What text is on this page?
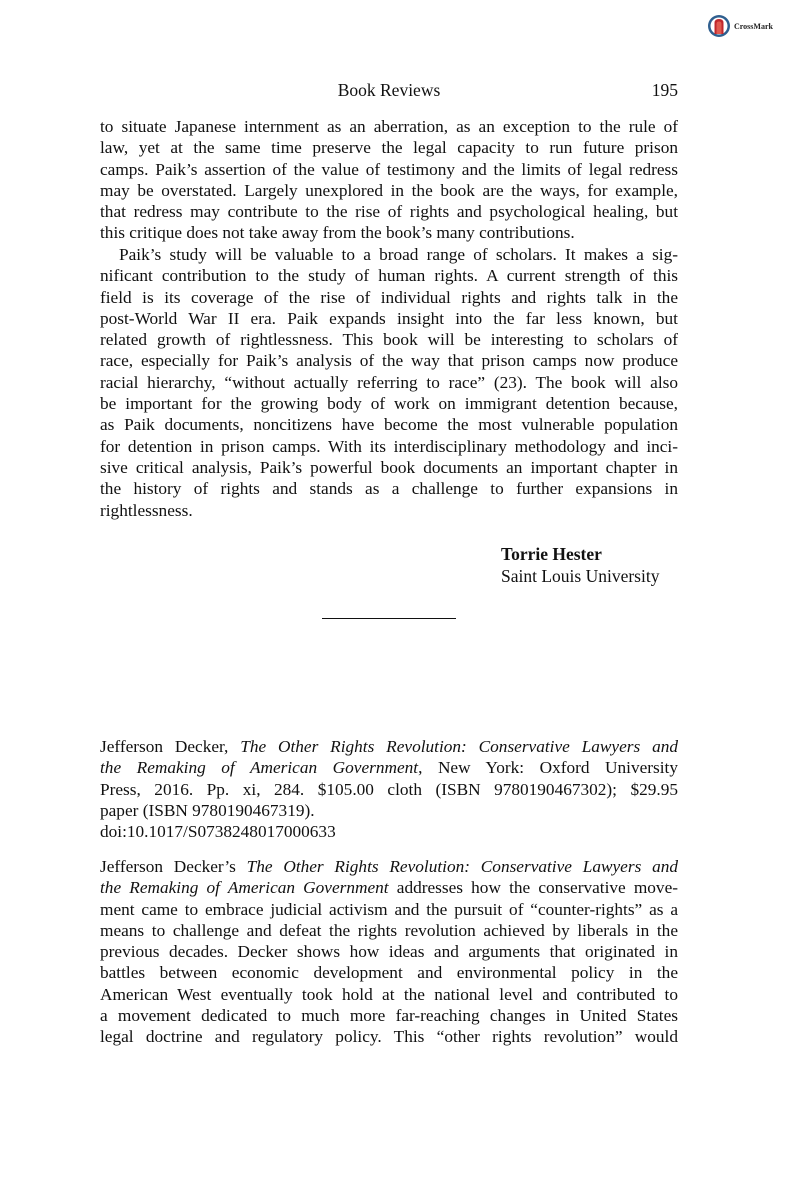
CrossMark
Book Reviews	195
to situate Japanese internment as an aberration, as an exception to the rule of
law, yet at the same time preserve the legal capacity to run future prison
camps. Paik’s assertion of the value of testimony and the limits of legal redress
may be overstated. Largely unexplored in the book are the ways, for example,
that redress may contribute to the rise of rights and psychological healing, but
this critique does not take away from the book’s many contributions.
Paik’s study will be valuable to a broad range of scholars. It makes a sig-
nificant contribution to the study of human rights. A current strength of this
field is its coverage of the rise of individual rights and rights talk in the
post-World War II era. Paik expands insight into the far less known, but
related growth of rightlessness. This book will be interesting to scholars of
race, especially for Paik’s analysis of the way that prison camps now produce
racial hierarchy, “without actually referring to race” (23). The book will also
be important for the growing body of work on immigrant detention because,
as Paik documents, noncitizens have become the most vulnerable population
for detention in prison camps. With its interdisciplinary methodology and inci-
sive critical analysis, Paik’s powerful book documents an important chapter in
the history of rights and stands as a challenge to further expansions in
rightlessness.
Torrie Hester
Saint Louis University
Jefferson Decker, The Other Rights Revolution: Conservative Lawyers and
the Remaking of American Government, New York: Oxford University
Press, 2016. Pp. xi, 284. $105.00 cloth (ISBN 9780190467302); $29.95
paper (ISBN 9780190467319).
doi:10.1017/S0738248017000633
Jefferson Decker’s The Other Rights Revolution: Conservative Lawyers and
the Remaking of American Government addresses how the conservative move-
ment came to embrace judicial activism and the pursuit of “counter-rights” as a
means to challenge and defeat the rights revolution achieved by liberals in the
previous decades. Decker shows how ideas and arguments that originated in
battles between economic development and environmental policy in the
American West eventually took hold at the national level and contributed to
a movement dedicated to much more far-reaching changes in United States
legal doctrine and regulatory policy. This “other rights revolution” would
